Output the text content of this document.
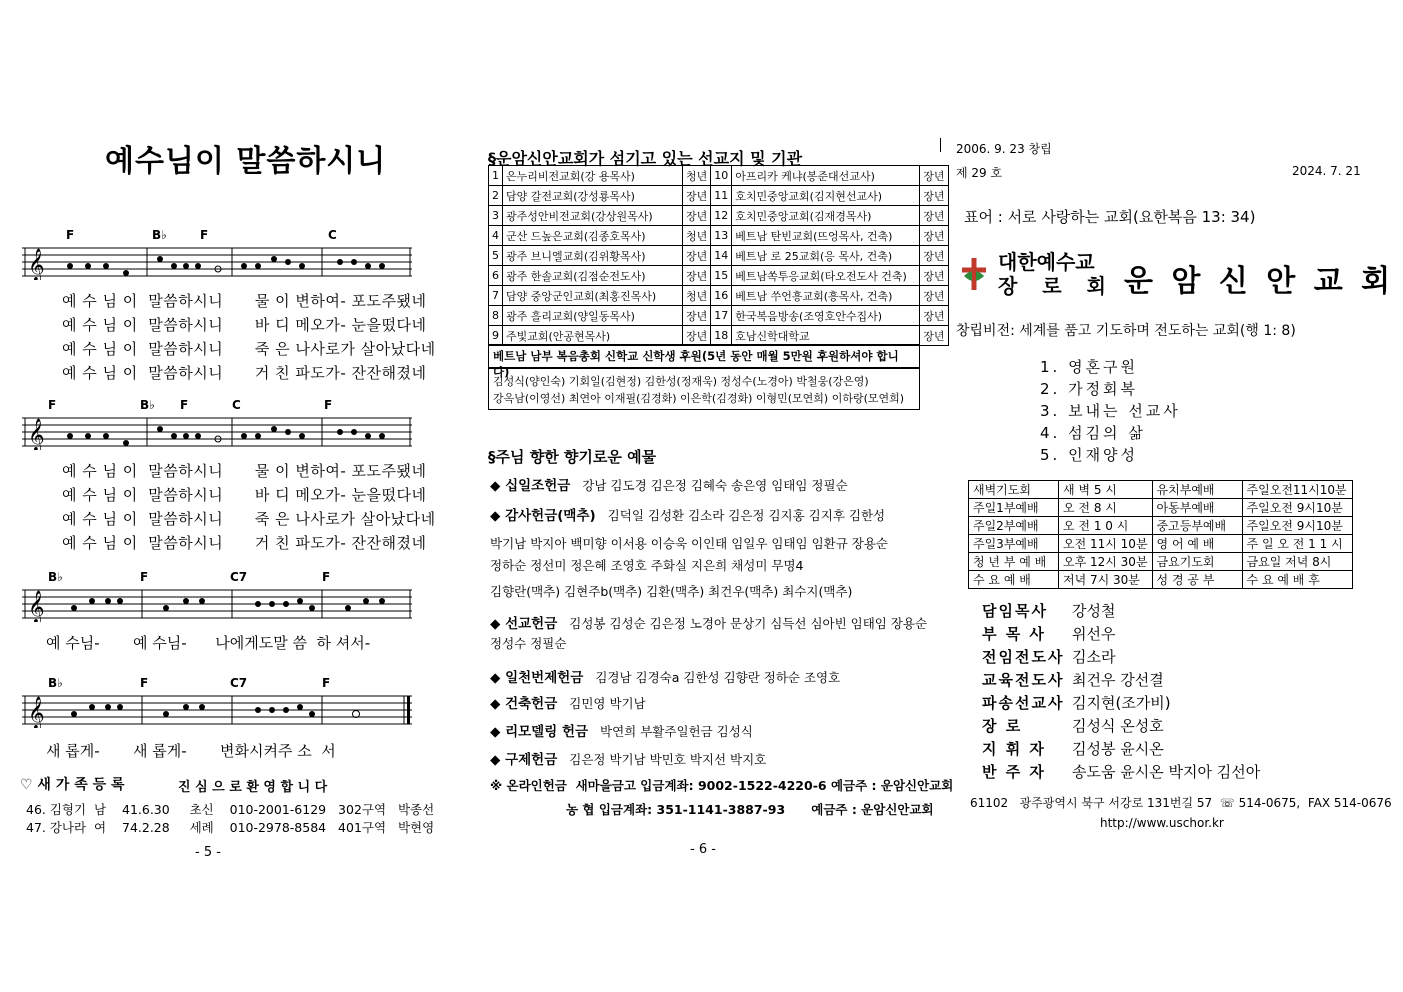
예수님이 말씀하시니
F	B♭	F	C
𝄞
예 수 님 이  말씀하시니      물 이 변하여- 포도주됐네
예 수 님 이  말씀하시니      바 디 메오가- 눈을떴다네
예 수 님 이  말씀하시니      죽 은 나사로가 살아났다네
예 수 님 이  말씀하시니      거 친 파도가- 잔잔해졌네
F	B♭ F	C	F
𝄞
예 수 님 이  말씀하시니      물 이 변하여- 포도주됐네
예 수 님 이  말씀하시니      바 디 메오가- 눈을떴다네
예 수 님 이  말씀하시니      죽 은 나사로가 살아났다네
예 수 님 이  말씀하시니      거 친 파도가- 잔잔해졌네
B♭	F	C7	F
𝄞
예 수님-       예 수님-      나에게도말 씀  하 셔서-
B♭	F	C7	F
𝄞
새 롭게-       새 롭게-       변화시켜주 소  서
♡ 새 가 족 등 록	진 심 으 로 환 영 합 니 다
46. 김형기  남    41.6.30     초신    010-2001-6129   302구역   박종선
47. 강나라  여    74.2.28     세례    010-2978-8584   401구역   박현영
- 5 -
§운암신안교회가 섬기고 있는 선교지 및 기관
1	은누리비전교회(강 용목사)	청년	10	아프리카 케냐(봉준대선교사)	장년
2	담양 갈전교회(강성룡목사)	장년	11	호치민중앙교회(김지현선교사)	장년
3	광주성안비전교회(강상원목사)	장년	12	호치민중앙교회(김재경목사)	장년
4	군산 드높은교회(김종호목사)	청년	13	베트남 탄빈교회(뜨엉목사, 건축)	장년
5	광주 브니엘교회(김위황목사)	장년	14	베트남 로 25교회(응 목사, 건축)	장년
6	광주 한솔교회(김점순전도사)	장년	15	베트남쏙투응교회(타오전도사 건축)	장년
7	담양 중앙군인교회(최홍진목사)	청년	16	베트남 쑤언흥교회(흥목사, 건축)	장년
8	광주 흘리교회(양일동목사)	장년	17	한국복음방송(조영호안수집사)	장년
9	주빛교회(안공현목사)	장년	18	호남신학대학교	장년
베트남 남부 복음총회 신학교 신학생 후원(5년 동안 매월 5만원 후원하셔야 합니다)
김성식(양인숙) 기회일(김현정) 김한성(정재욱) 정성수(노경아) 박철웅(강은영)
강옥남(이영선) 최연아 이재필(김경화) 이은학(김경화) 이형민(모연희) 이하랑(모연희)
§주님 향한 향기로운 예물
◆ 십일조헌금 강남 김도경 김은정 김혜숙 송은영 임태임 정필순
◆ 감사헌금(맥추) 김덕일 김성환 김소라 김은정 김지홍 김지후 김한성
박기남 박지아 백미향 이서용 이승욱 이인태 임일우 임태임 임환규 장용순
정하순 정선미 정은혜 조영호 주화실 지은희 채성미 무명4
김향란(맥추) 김현주b(맥추) 김환(맥추) 최건우(맥추) 최수지(맥추)
◆ 선교헌금 김성봉 김성순 김은정 노경아 문상기 심득선 심아빈 임태임 장용순
정성수 정필순
◆ 일천번제헌금 김경남 김경숙a 김한성 김향란 정하순 조영호
◆ 건축헌금 김민영 박기남
◆ 리모델링 헌금 박연희 부활주일헌금 김성식
◆ 구제헌금 김은정 박기남 박민호 박지선 박지호
※ 온라인헌금  새마을금고 입금계좌: 9002-1522-4220-6 예금주 : 운암신안교회
농 협 입금계좌: 351-1141-3887-93      예금주 : 운암신안교회
- 6 -
2006. 9. 23 창립
제 29 호	2024. 7. 21
표어 : 서로 사랑하는 교회(요한복음 13: 34)
대한예수교
장 로 회 운 암 신 안 교 회
창립비전: 세계를 품고 기도하며 전도하는 교회(행 1: 8)
1. 영혼구원
2. 가정회복
3. 보내는 선교사
4. 섬김의 삶
5. 인재양성
새벽기도회	새 벽 5 시	유치부예배	주일오전11시10분
주일1부예배	오 전 8 시	아동부예배	주일오전 9시10분
주일2부예배	오 전 1 0 시	중고등부예배	주일오전 9시10분
주일3부예배	오전 11시 10분	영 어 예 배	주 일 오 전 1 1 시
청 년 부 예 배	오후 12시 30분	금요기도회	금요일 저녁 8시
수 요 예 배	저녁 7시 30분	성 경 공 부	수 요 예 배 후
담임목사 강성철
부 목 사 위선우
전임전도사 김소라
교육전도사 최건우 강선결
파송선교사 김지현(조가비)
장 로	김성식 온성호
지 휘 자 김성봉 윤시온
반 주 자 송도움 윤시온 박지아 김선아
61102   광주광역시 북구 서강로 131번길 57  ☏ 514-0675,  FAX 514-0676
http://www.uschor.kr
